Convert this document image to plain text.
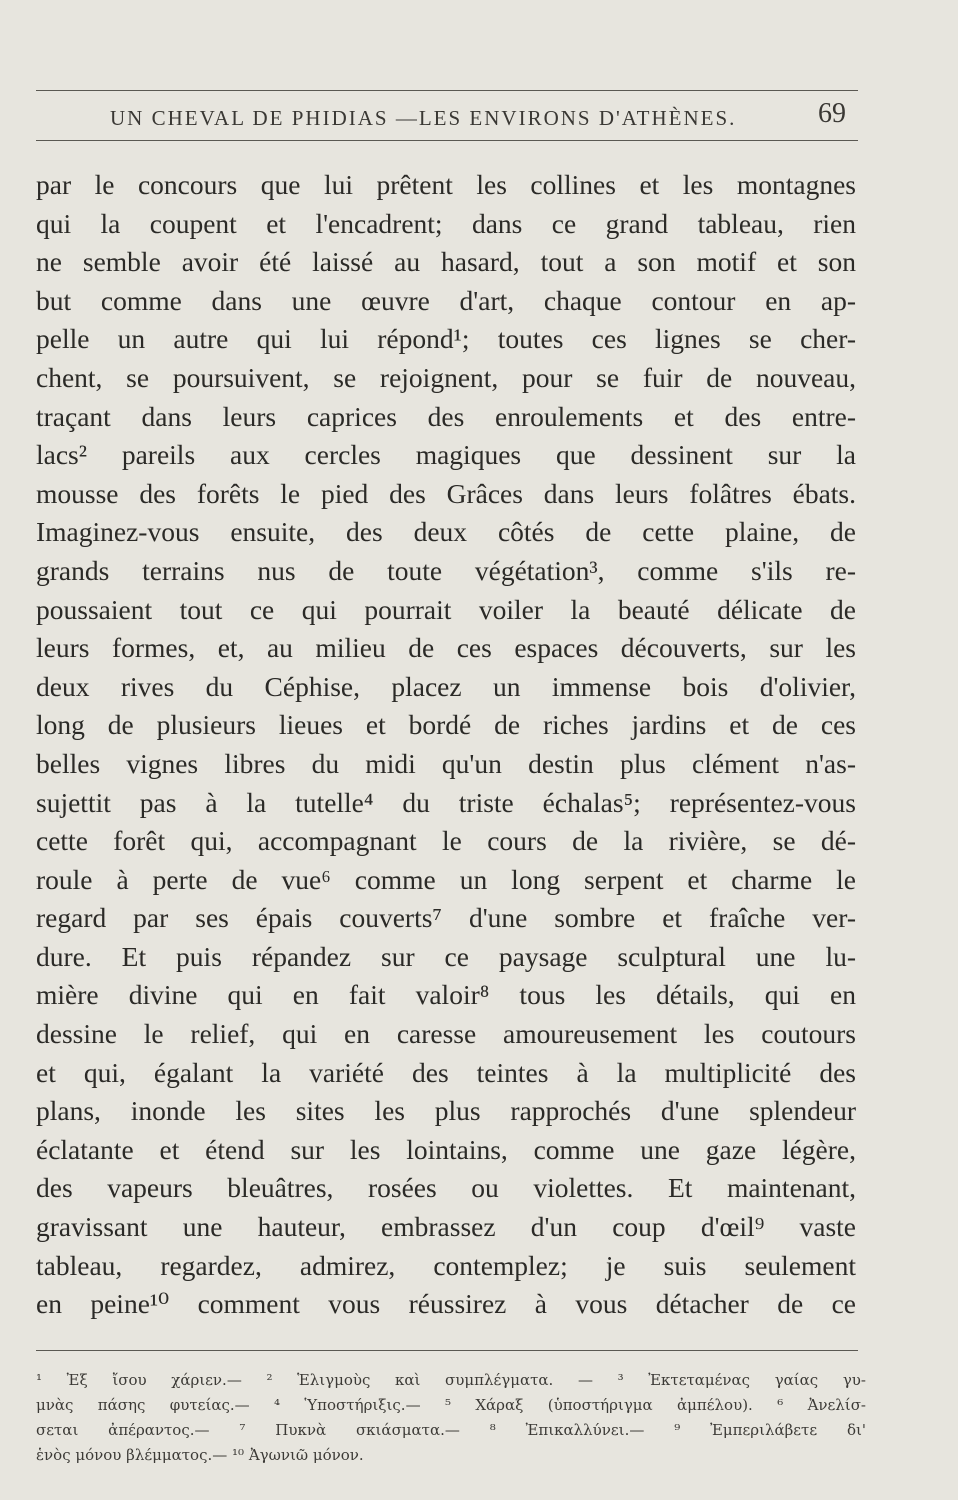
UN CHEVAL DE PHIDIAS —LES ENVIRONS D'ATHÈNES.	69
par le concours que lui prêtent les collines et les montagnes
qui la coupent et l'encadrent; dans ce grand tableau, rien
ne semble avoir été laissé au hasard, tout a son motif et son
but comme dans une œuvre d'art, chaque contour en ap-
pelle un autre qui lui répond¹; toutes ces lignes se cher-
chent, se poursuivent, se rejoignent, pour se fuir de nouveau,
traçant dans leurs caprices des enroulements et des entre-
lacs² pareils aux cercles magiques que dessinent sur la
mousse des forêts le pied des Grâces dans leurs folâtres ébats.
Imaginez-vous ensuite, des deux côtés de cette plaine, de
grands terrains nus de toute végétation³, comme s'ils re-
poussaient tout ce qui pourrait voiler la beauté délicate de
leurs formes, et, au milieu de ces espaces découverts, sur les
deux rives du Céphise, placez un immense bois d'olivier,
long de plusieurs lieues et bordé de riches jardins et de ces
belles vignes libres du midi qu'un destin plus clément n'as-
sujettit pas à la tutelle⁴ du triste échalas⁵; représentez-vous
cette forêt qui, accompagnant le cours de la rivière, se dé-
roule à perte de vue⁶ comme un long serpent et charme le
regard par ses épais couverts⁷ d'une sombre et fraîche ver-
dure. Et puis répandez sur ce paysage sculptural une lu-
mière divine qui en fait valoir⁸ tous les détails, qui en
dessine le relief, qui en caresse amoureusement les coutours
et qui, égalant la variété des teintes à la multiplicité des
plans, inonde les sites les plus rapprochés d'une splendeur
éclatante et étend sur les lointains, comme une gaze légère,
des vapeurs bleuâtres, rosées ou violettes. Et maintenant,
gravissant une hauteur, embrassez d'un coup d'œil⁹ vaste
tableau, regardez, admirez, contemplez; je suis seulement
en peine¹⁰ comment vous réussirez à vous détacher de ce
¹ Ἐξ ἴσου χάριεν.— ² Ἑλιγμοὺς καὶ συμπλέγματα. — ³ Ἐκτεταμένας γαίας γυ-
μνὰς πάσης φυτείας.— ⁴ Ὑποστήριξις.— ⁵ Χάραξ (ὑποστήριγμα ἀμπέλου). ⁶ Ἀνελίσ-
σεται ἀπέραντος.— ⁷ Πυκνὰ σκιάσματα.— ⁸ Ἐπικαλλύνει.— ⁹ Ἐμπεριλάβετε δι'
ἑνὸς μόνου βλέμματος.— ¹⁰ Ἀγωνιῶ μόνον.
